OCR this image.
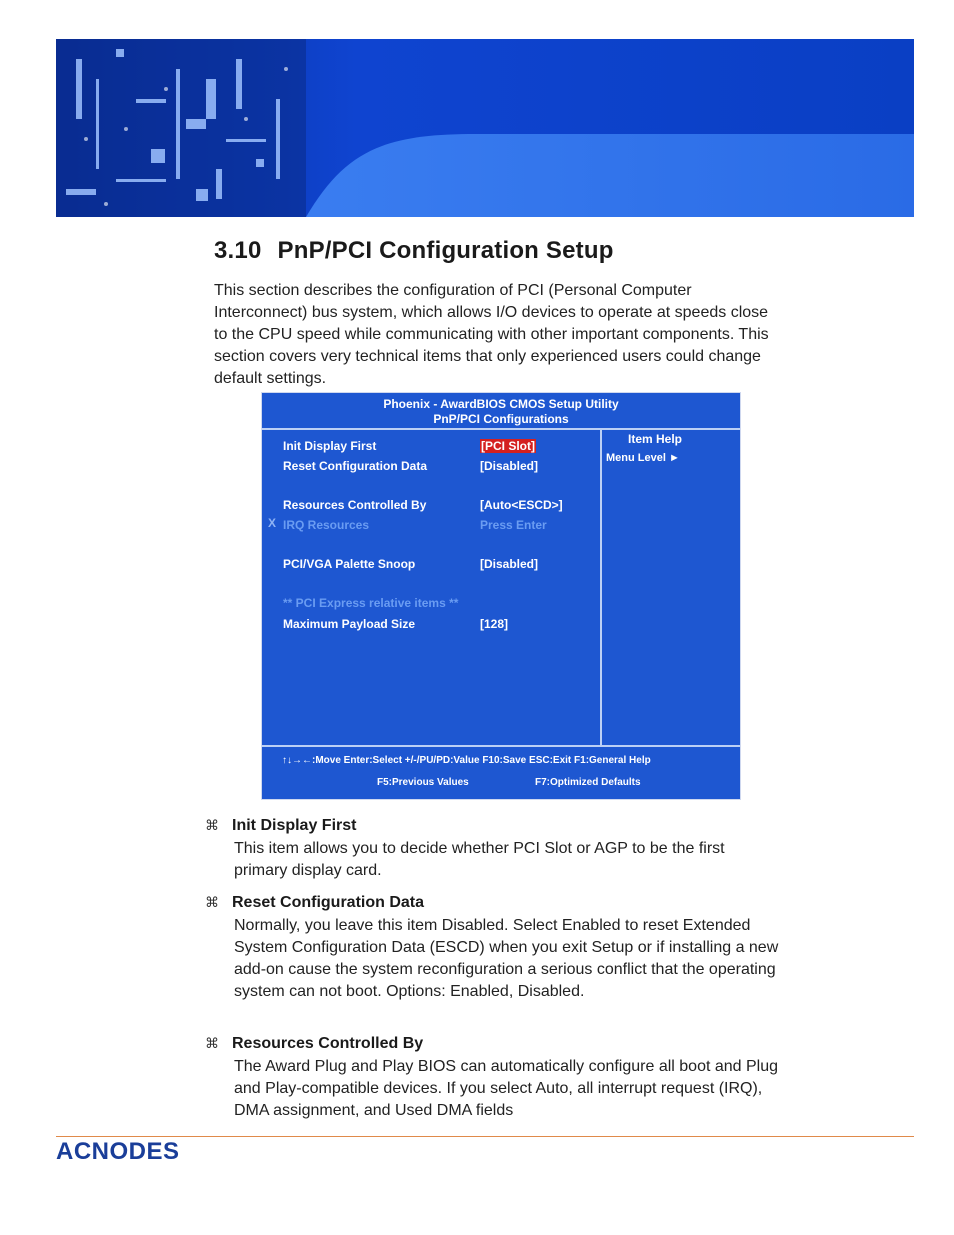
3.10 PnP/PCI Configuration Setup

This section describes the configuration of PCI (Personal Computer Interconnect) bus system, which allows I/O devices to operate at speeds close to the CPU speed while communicating with other important components. This section covers very technical items that only experienced users could change default settings.

Phoenix - AwardBIOS CMOS Setup Utility
PnP/PCI Configurations
Init Display First	[PCI Slot]
Reset Configuration Data	[Disabled]
Resources Controlled By	[Auto<ESCD>]
X IRQ Resources	Press Enter
PCI/VGA Palette Snoop	[Disabled]
** PCI Express relative items **
Maximum Payload Size	[128]
Item Help
Menu Level ►
↑↓→←:Move Enter:Select +/-/PU/PD:Value F10:Save ESC:Exit F1:General Help
F5:Previous Values	F7:Optimized Defaults
⌘ Init Display First

This item allows you to decide whether PCI Slot or AGP to be the first primary display card.

⌘ Reset Configuration Data

Normally, you leave this item Disabled. Select Enabled to reset Extended System Configuration Data (ESCD) when you exit Setup or if installing a new add-on cause the system reconfiguration a serious conflict that the operating system can not boot. Options: Enabled, Disabled.

⌘ Resources Controlled By

The Award Plug and Play BIOS can automatically configure all boot and Plug and Play-compatible devices. If you select Auto, all interrupt request (IRQ), DMA assignment, and Used DMA fields

ACNODES
